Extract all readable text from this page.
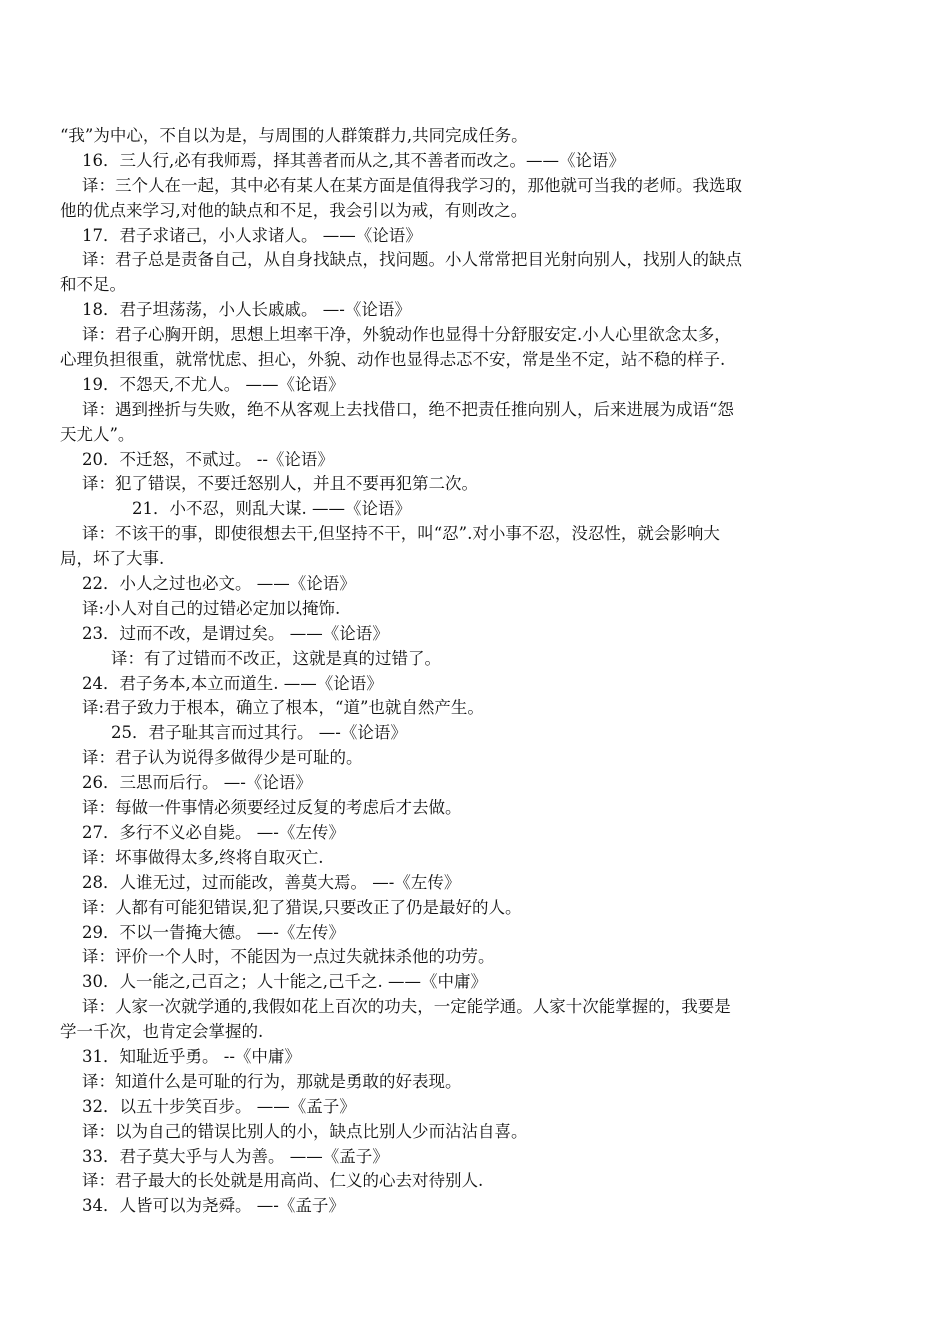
“我”为中心，不自以为是，与周围的人群策群力,共同完成任务。
16．三人行,必有我师焉，择其善者而从之,其不善者而改之。——《论语》
译：三个人在一起，其中必有某人在某方面是值得我学习的，那他就可当我的老师。我选取
他的优点来学习,对他的缺点和不足，我会引以为戒，有则改之。
17．君子求诸己，小人求诸人。 ——《论语》
译：君子总是责备自己，从自身找缺点，找问题。小人常常把目光射向别人，找别人的缺点
和不足。
18．君子坦荡荡，小人长戚戚。 —-《论语》
译：君子心胸开朗，思想上坦率干净，外貌动作也显得十分舒服安定.小人心里欲念太多，
心理负担很重，就常忧虑、担心，外貌、动作也显得忐忑不安，常是坐不定，站不稳的样子.
19．不怨天,不尤人。 ——《论语》
译：遇到挫折与失败，绝不从客观上去找借口，绝不把责任推向别人，后来进展为成语“怨
天尤人”。
20．不迁怒，不贰过。 --《论语》
译：犯了错误，不要迁怒别人，并且不要再犯第二次。
21．小不忍，则乱大谋. ——《论语》
译：不该干的事，即使很想去干,但坚持不干，叫“忍”.对小事不忍，没忍性，就会影响大
局，坏了大事.
22．小人之过也必文。 ——《论语》
译:小人对自己的过错必定加以掩饰.
23．过而不改，是谓过矣。 ——《论语》
译：有了过错而不改正，这就是真的过错了。
24．君子务本,本立而道生. ——《论语》
译:君子致力于根本，确立了根本，“道”也就自然产生。
25．君子耻其言而过其行。 —-《论语》
译：君子认为说得多做得少是可耻的。
26．三思而后行。 —-《论语》
译：每做一件事情必须要经过反复的考虑后才去做。
27．多行不义必自毙。 —-《左传》
译：坏事做得太多,终将自取灭亡.
28．人谁无过，过而能改，善莫大焉。 —-《左传》
译：人都有可能犯错误,犯了猎误,只要改正了仍是最好的人。
29．不以一眚掩大德。 —-《左传》
译：评价一个人时，不能因为一点过失就抹杀他的功劳。
30．人一能之,己百之；人十能之,己千之. ——《中庸》
译：人家一次就学通的,我假如花上百次的功夫，一定能学通。人家十次能掌握的，我要是
学一千次，也肯定会掌握的.
31．知耻近乎勇。 --《中庸》
译：知道什么是可耻的行为，那就是勇敢的好表现。
32．以五十步笑百步。 ——《孟子》
译：以为自己的错误比别人的小，缺点比别人少而沾沾自喜。
33．君子莫大乎与人为善。 ——《孟子》
译：君子最大的长处就是用高尚、仁义的心去对待别人.
34．人皆可以为尧舜。 —-《孟子》
